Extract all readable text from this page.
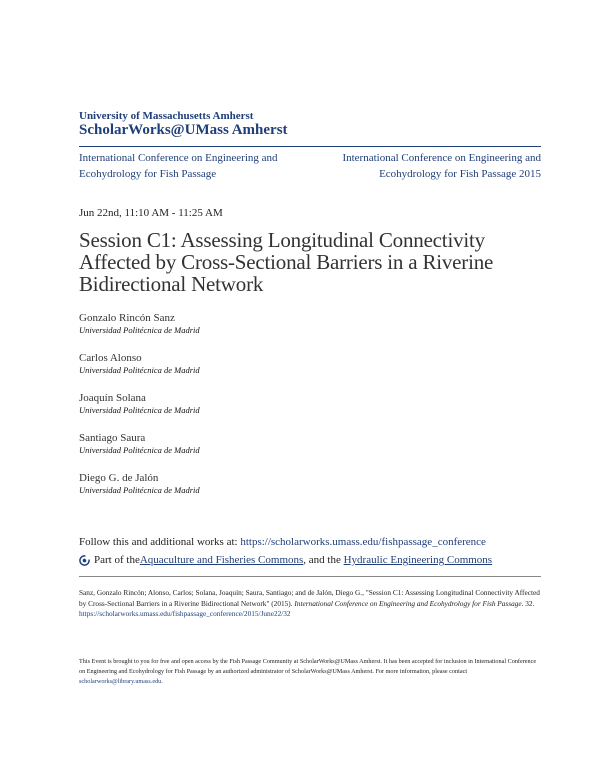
University of Massachusetts Amherst
ScholarWorks@UMass Amherst
International Conference on Engineering and Ecohydrology for Fish Passage
International Conference on Engineering and Ecohydrology for Fish Passage 2015
Jun 22nd, 11:10 AM - 11:25 AM
Session C1: Assessing Longitudinal Connectivity Affected by Cross-Sectional Barriers in a Riverine Bidirectional Network
Gonzalo Rincón Sanz
Universidad Politécnica de Madrid
Carlos Alonso
Universidad Politécnica de Madrid
Joaquín Solana
Universidad Politécnica de Madrid
Santiago Saura
Universidad Politécnica de Madrid
Diego G. de Jalón
Universidad Politécnica de Madrid
Follow this and additional works at: https://scholarworks.umass.edu/fishpassage_conference
Part of the Aquaculture and Fisheries Commons , and the Hydraulic Engineering Commons
Sanz, Gonzalo Rincón; Alonso, Carlos; Solana, Joaquín; Saura, Santiago; and de Jalón, Diego G., "Session C1: Assessing Longitudinal Connectivity Affected by Cross-Sectional Barriers in a Riverine Bidirectional Network" (2015). International Conference on Engineering and Ecohydrology for Fish Passage. 32.
https://scholarworks.umass.edu/fishpassage_conference/2015/June22/32
This Event is brought to you for free and open access by the Fish Passage Community at ScholarWorks@UMass Amherst. It has been accepted for inclusion in International Conference on Engineering and Ecohydrology for Fish Passage by an authorized administrator of ScholarWorks@UMass Amherst. For more information, please contact scholarworks@library.umass.edu.
